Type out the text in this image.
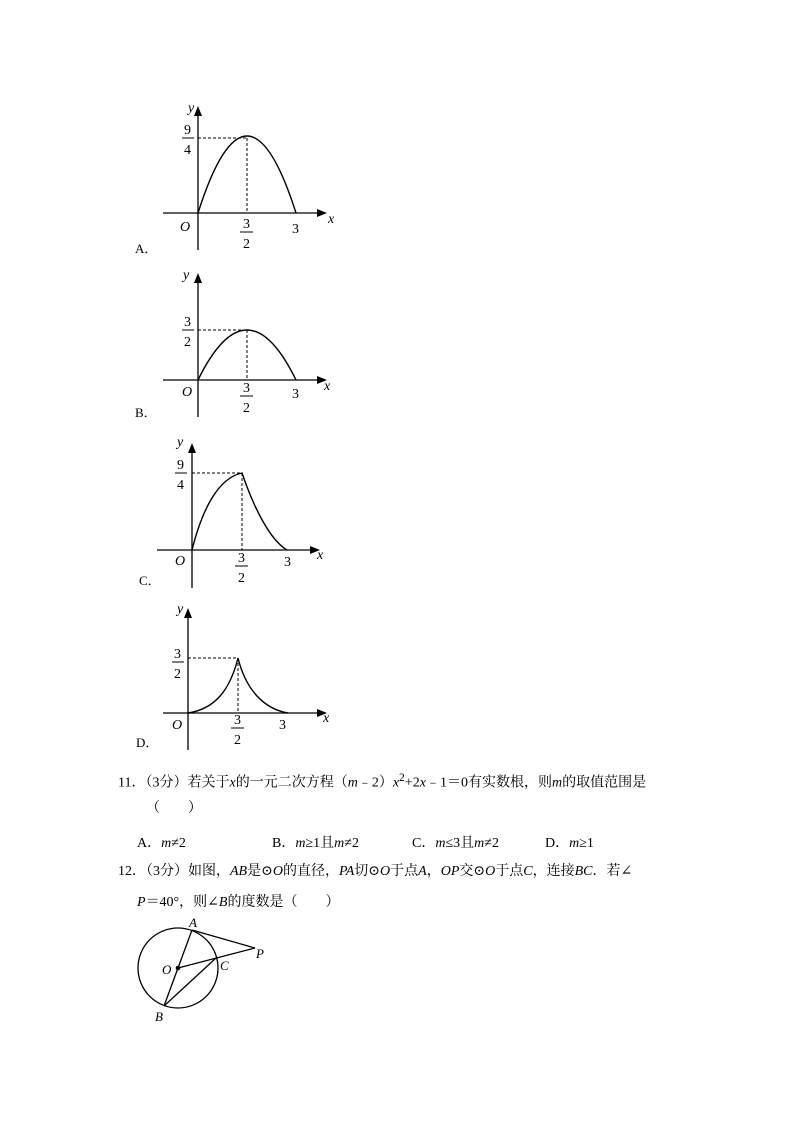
y
x
O
9
4
3
2
3
A．
y
x
O
3
2
3
2
3
B．
y
x
O
9
4
3
2
3
C．
y
x
O
3
2
3
2
3
D．
11．（3分）若关于x的一元二次方程$(m﹣2)x^2+2x﹣1=0$有实数根，则m的取值范围是
（　　）
A．m≠2	B．m≥1且m≠2	C．m≤3且m≠2	D．m≥1
12．（3分）如图，AB是⊙O的直径，PA切⊙O于点A，OP交⊙O于点C，连接BC．若∠
P＝40°，则∠B的度数是（　　）
A
P
O	C
B
